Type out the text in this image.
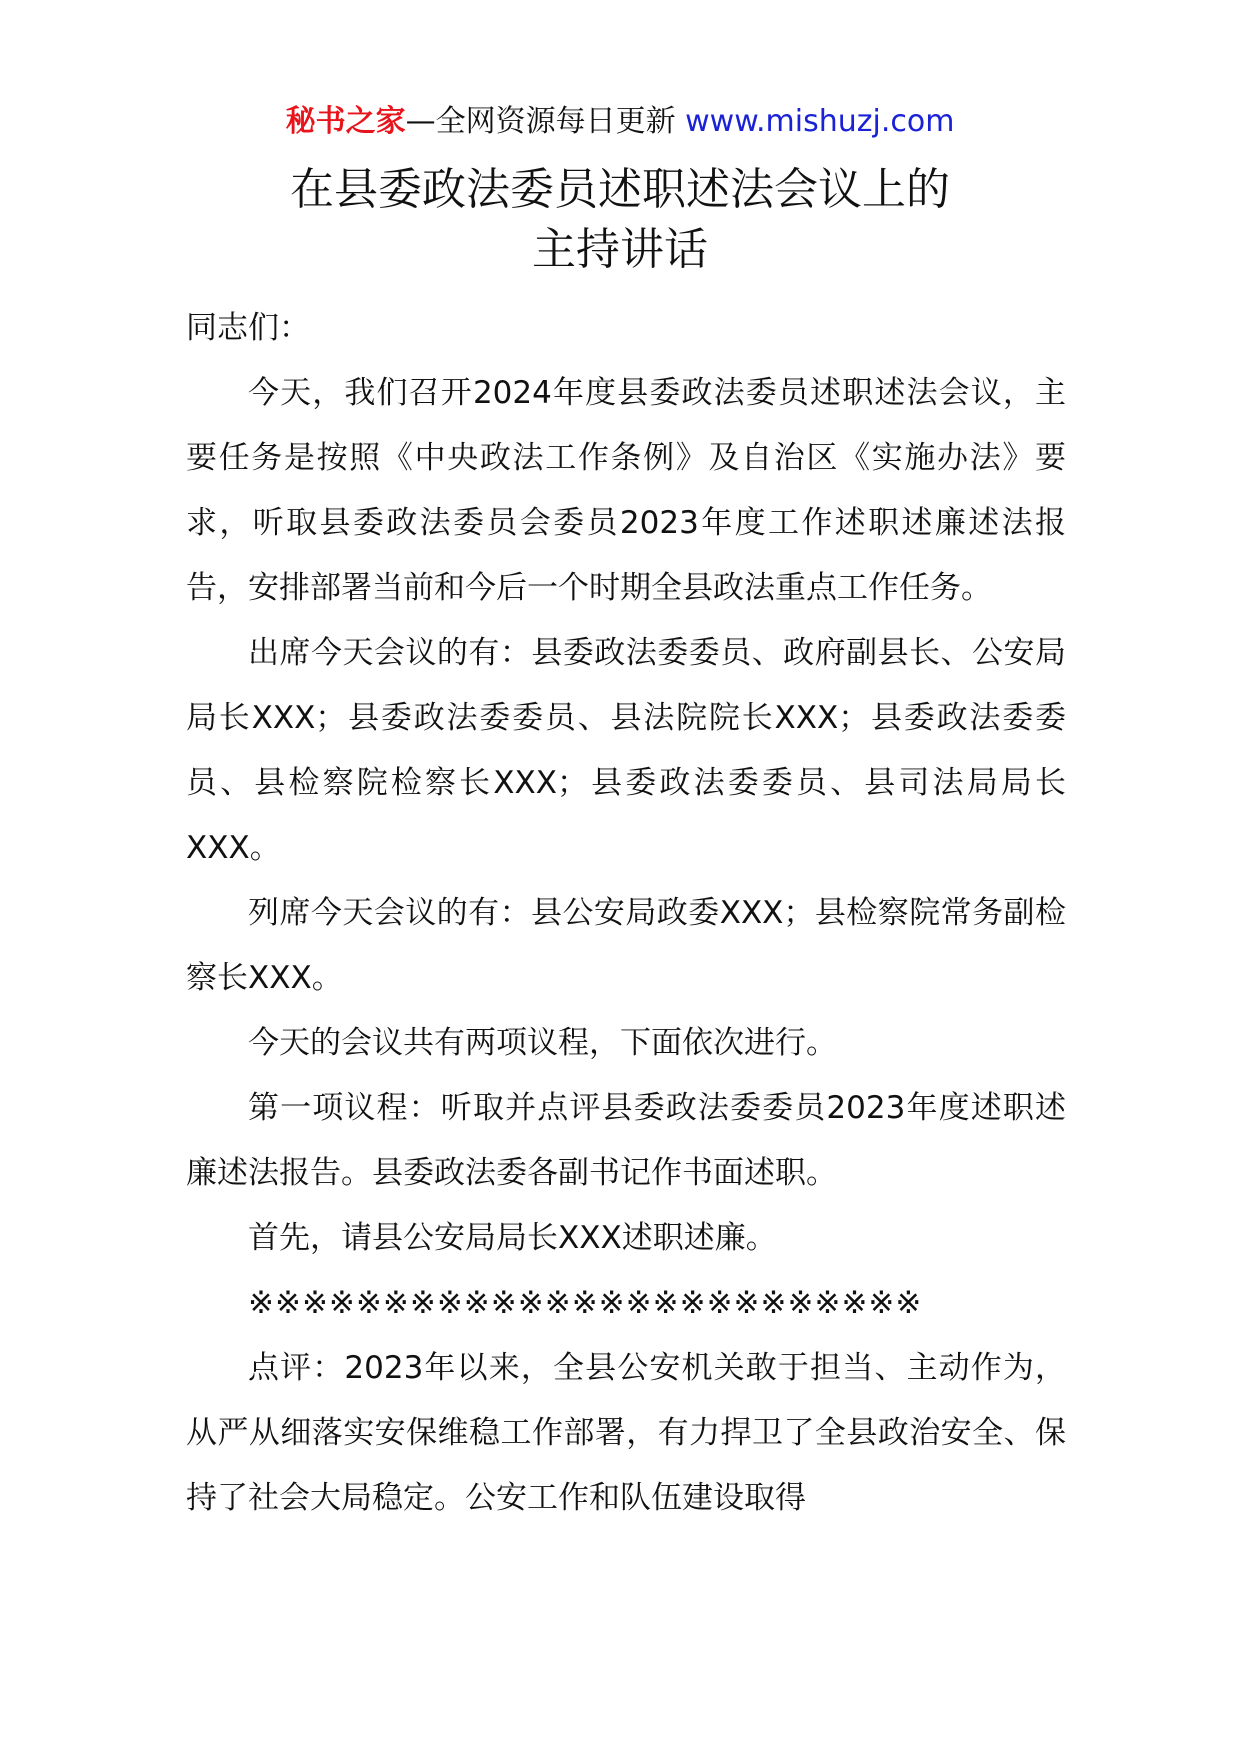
秘书之家—全网资源每日更新 www.mishuzj.com
在县委政法委员述职述法会议上的
主持讲话

同志们：

今天，我们召开2024年度县委政法委员述职述法会议，主要任务是按照《中央政法工作条例》及自治区《实施办法》要求，听取县委政法委员会委员2023年度工作述职述廉述法报告，安排部署当前和今后一个时期全县政法重点工作任务。

出席今天会议的有：县委政法委委员、政府副县长、公安局局长XXX；县委政法委委员、县法院院长XXX；县委政法委委员、县检察院检察长XXX；县委政法委委员、县司法局局长XXX。

列席今天会议的有：县公安局政委XXX；县检察院常务副检察长XXX。

今天的会议共有两项议程，下面依次进行。

第一项议程：听取并点评县委政法委委员2023年度述职述廉述法报告。县委政法委各副书记作书面述职。

首先，请县公安局局长XXX述职述廉。

※※※※※※※※※※※※※※※※※※※※※※※※※

点评：2023年以来，全县公安机关敢于担当、主动作为，从严从细落实安保维稳工作部署，有力捍卫了全县政治安全、保持了社会大局稳定。公安工作和队伍建设取得
